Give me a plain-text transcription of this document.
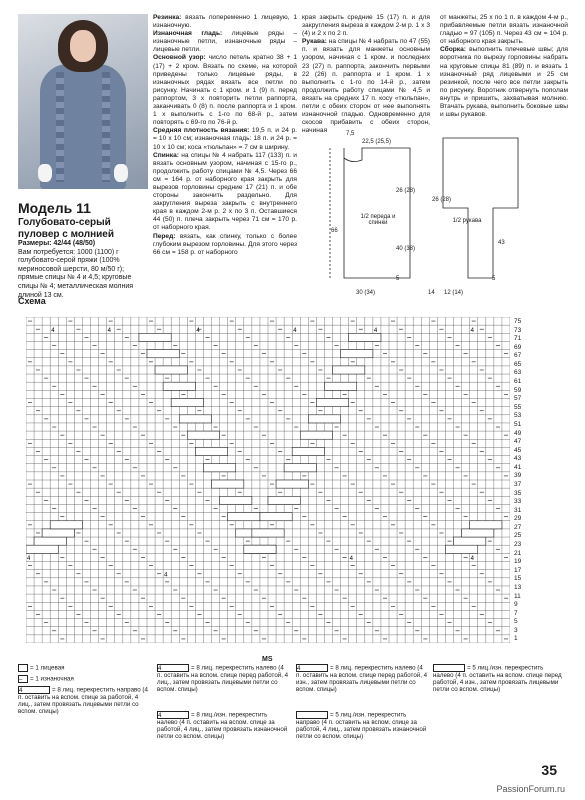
Модель 11
Голубовато-серый пуловер с молнией
Размеры: 42/44 (48/50)
Вам потребуется: 1000 (1100) г голубовато-серой пряжи (100% мериносовой шерсти, 80 м/50 г); прямые спицы № 4 и 4,5; круговые спицы № 4; металлическая молния длиной 13 см.
Резинка: вязать попеременно 1 лицевую, 1 изнаночную.
Изнаночная гладь: лицевые ряды – изнаночные петли, изнаночные ряды – лицевые петли.
Основной узор: число петель кратно 38 + 1 (17) + 2 кром. Вязать по схеме, на которой приведены только лицевые ряды, в изнаночных рядах вязать все петли по рисунку. Начинать с 1 кром. и 1 (9) п. перед раппортом, 3 х повторить петли раппорта, заканчивать 0 (8) п. после раппорта и 1 кром. 1 х выполнить с 1-го по 68-й р., затем повторять с 69-го по 76-й р.
Средняя плотность вязания: 19,5 п. и 24 р. = 10 х 10 см; изнаночная гладь: 18 п. и 24 р. = 10 х 10 см; коса «тюльпан» = 7 см в ширину.
Спинка: на спицы № 4 набрать 117 (133) п. и вязать основным узором, начиная с 15-го р., продолжить работу спицами № 4,5. Через 66 см = 164 р. от наборного края закрыть для вырезов горловины средние 17 (21) п. и обе стороны закончить раздельно. Для закругления выреза закрыть с внутреннего края в каждом 2-м р. 2 х по 3 п. Оставшиеся 44 (50) п. плеча закрыть через 71 см = 170 р. от наборного края.
Перед: вязать, как спинку, только с более глубоким вырезом горловины. Для этого через 66 см = 158 р. от наборного
края закрыть средние 15 (17) п. и для закругления выреза в каждом 2-м р. 1 х 3 (4) и 2 х по 2 п.
Рукава: на спицы № 4 набрать по 47 (55) п. и вязать для манжеты основным узором, начиная с 1 кром. и последних 23 (27) п. раппорта, закончить первыми 22 (26) п. раппорта и 1 кром. 1 х выполнить с 1-го по 14-й р., затем продолжить работу спицами № 4,5 и вязать на средних 17 п. косу «тюльпан», петли с обеих сторон от нее выполнять изнаночной гладью. Одновременно для скосов прибавить с обеих сторон, начиная
от манжеты, 25 х по 1 п. в каждом 4-м р., прибавляемые петли вязать изнаночной гладью = 97 (105) п. Через 43 см = 104 р. от наборного края закрыть.
Сборка: выполнить плечевые швы; для воротника по вырезу горловины набрать на круговые спицы 81 (89) п. и вязать 1 изнаночный ряд лицевыми и 25 см резинкой, после чего все петли закрыть по рисунку. Воротник отвернуть пополам внутрь и пришить, захватывая молнию. Втачать рукава, выполнить боковые швы и швы рукавов.
7,5
22,5 (25,5)
26 (28)
66
40 (38)
5
30 (34)
1/2 переда и спинки
26 (28)
43
14 12 (14)
5
1/2 рукава
Схема
4	4	4	4	4	4
4
4
4	4
75
73
71
69
67
65
63
61
59
57
55
53
51
49
47
45
43
41
39
37
35
33
31
29
27
25
23
21
19
17
15
13
11
9
7
5
3
1
MS
= 1 лицевая
– = 1 изнаночная
4	= 8 лиц. перекрестить направо (4 п. оставить на вспом. спице за работой, 4 лиц., затем провязать лицевыми петли со вспом. спицы)
4	= 8 лиц. перекрестить налево (4 п. оставить на вспом. спице перед работой, 4 лиц., затем провязать лицевыми петли со вспом. спицы)
4	= 8 лиц./изн. перекрестить налево (4 п. оставить на вспом. спице за работой, 4 лиц., затем провязать изнаночной петли со вспом. спицы)
4	= 8 лиц. перекрестить налево (4 п. оставить на вспом. спице перед работой, 4 изн., затем провязать лицевыми петли со вспом. спицы)
= 5 лиц./изн. перекрестить направо (4 п. оставить на вспом. спице за работой, 4 лиц., затем провязать изнаночной петли со вспом. спицы)
= 5 лиц./изн. перекрестить налево (4 п. оставить на вспом. спице перед работой, 4 изн., затем провязать лицевыми петли со вспом. спицы)
35
PassionForum.ru
